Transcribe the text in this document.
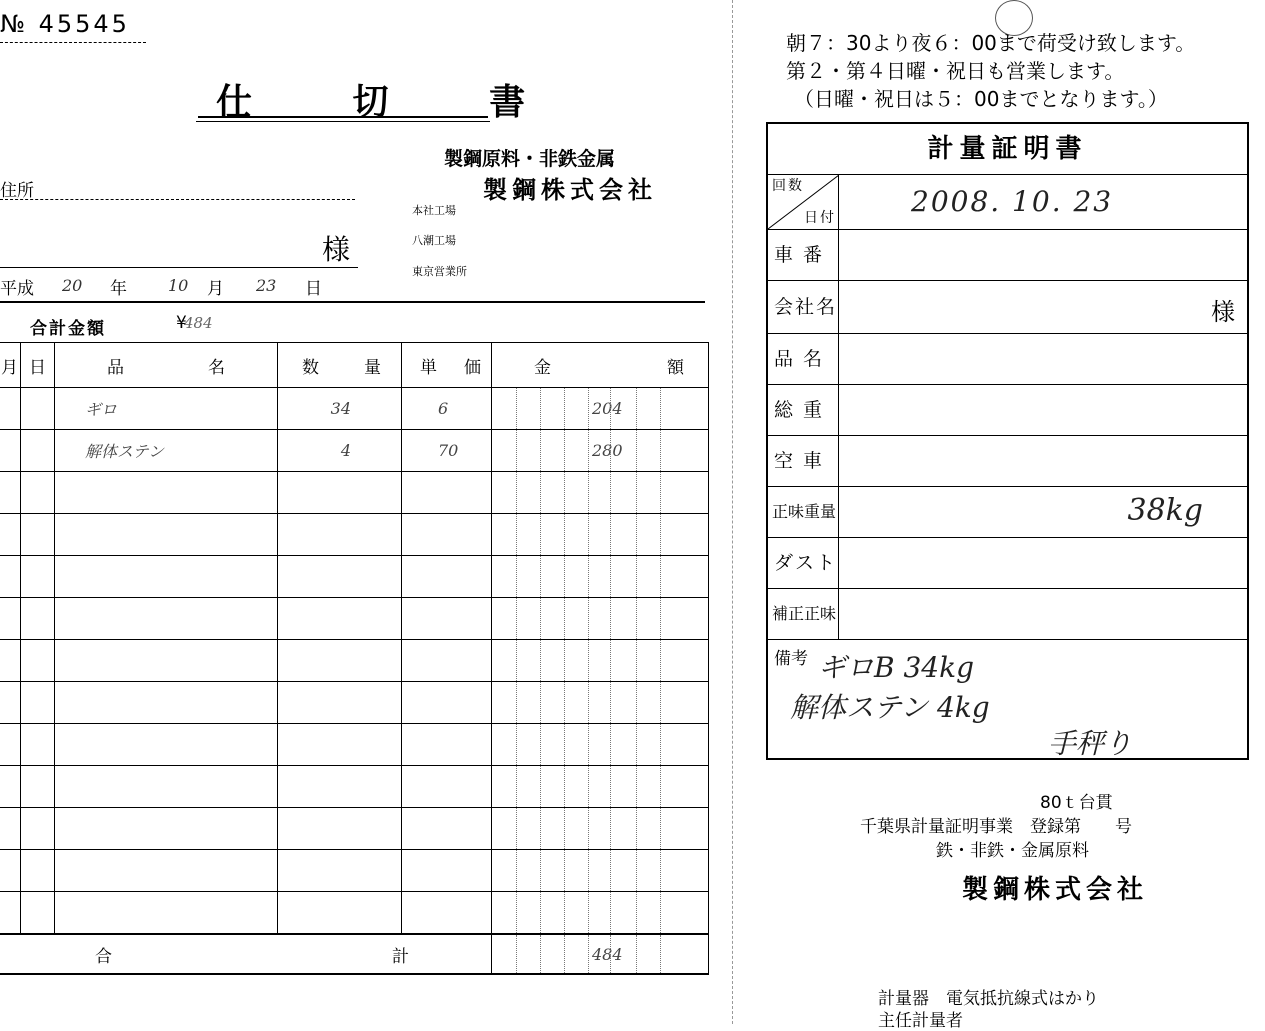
№ 45545
仕 切 書
製鋼原料・非鉄金属
製鋼株式会社
本社工場
八潮工場
東京営業所
住所
様
平成 20 年	10 月 23 日
合計金額	¥
484
月	日	品 名	数 量	単 価	金 額

		ギロ	34	6	204

		解体ステン	4	70	280

合 計					484
朝７：30より夜６：00まで荷受け致します。
第２・第４日曜・祝日も営業します。
（日曜・祝日は５：00までとなります。）
計量証明書
回数
日付	2008. 10. 23
車 番
会社名	様
品 名
総 重
空 車
正味重量	38kg
ダスト
補正正味
備考 ギロB 34kg
解体ステン 4kg
手秤り
80ｔ台貫
千葉県計量証明事業　登録第　　号
鉄・非鉄・金属原料
製鋼株式会社
計量器　電気抵抗線式はかり
主任計量者
